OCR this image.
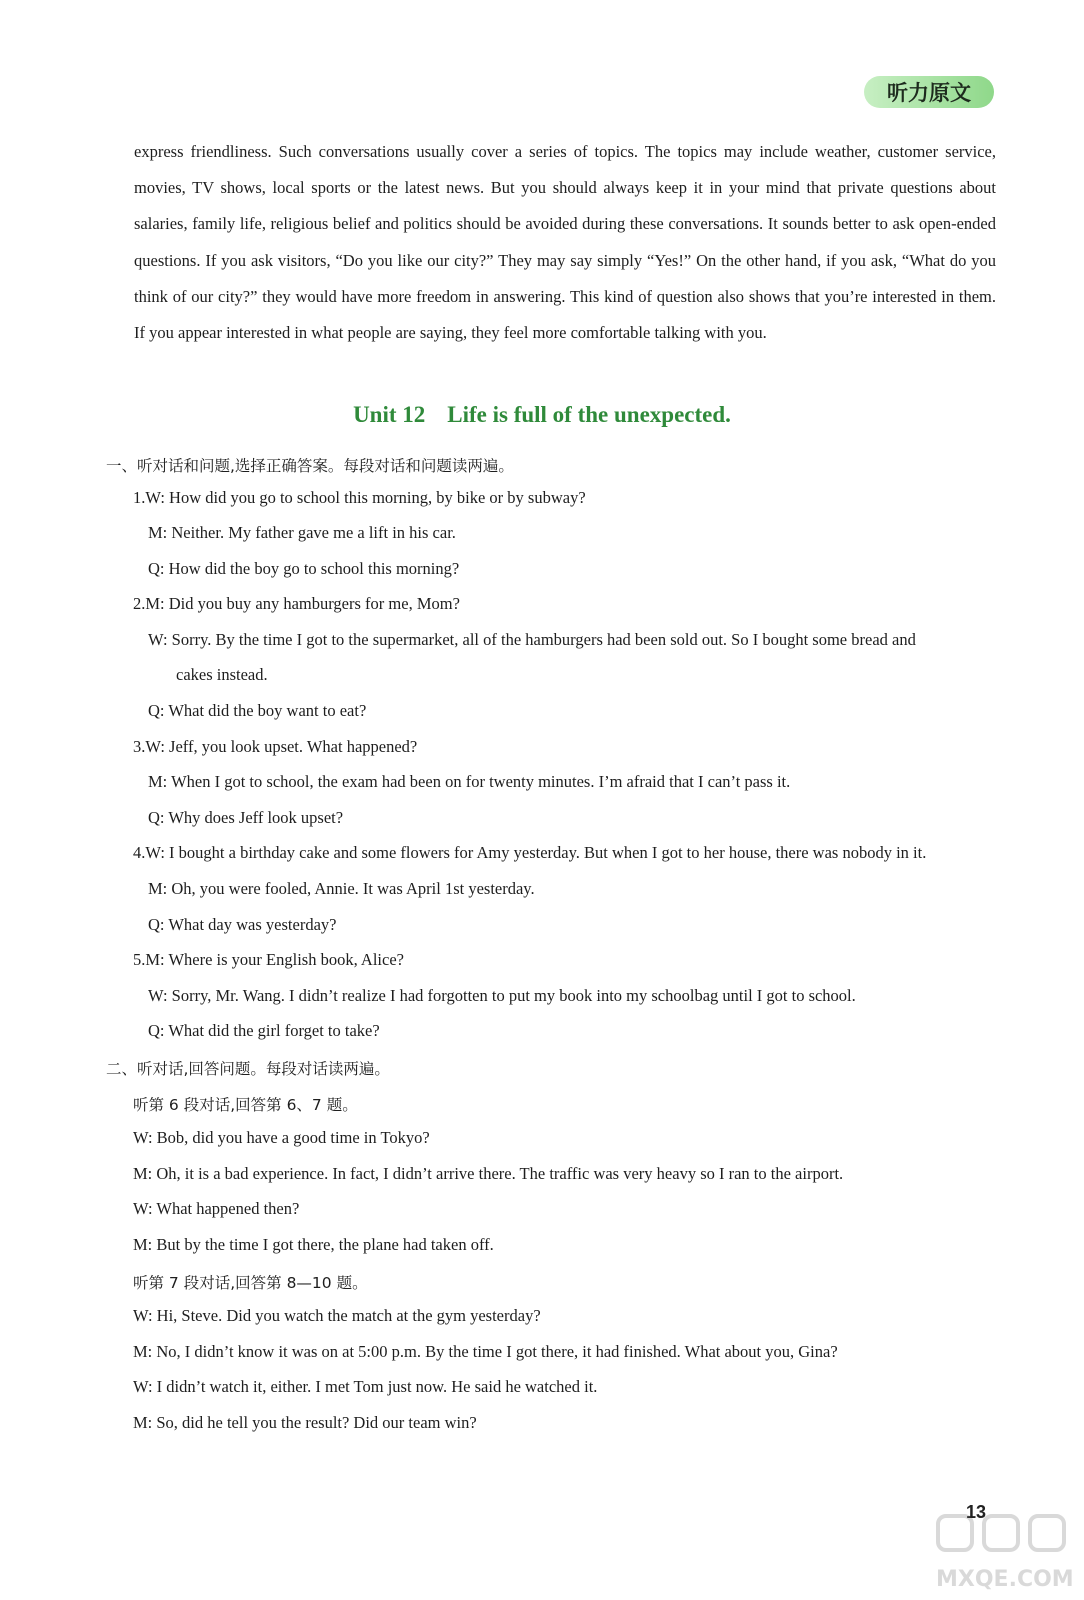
听力原文

express friendliness. Such conversations usually cover a series of topics. The topics may include weather, customer service, movies, TV shows, local sports or the latest news. But you should always keep it in your mind that private questions about salaries, family life, religious belief and politics should be avoided during these conversations. It sounds better to ask open-ended questions. If you ask visitors, “Do you like our city?” They may say simply “Yes!” On the other hand, if you ask, “What do you think of our city?” they would have more freedom in answering. This kind of question also shows that you’re interested in them. If you appear interested in what people are saying, they feel more comfortable talking with you.

Unit 12 Life is full of the unexpected.
一、听对话和问题,选择正确答案。每段对话和问题读两遍。
1.W: How did you go to school this morning, by bike or by subway?
M: Neither. My father gave me a lift in his car.
Q: How did the boy go to school this morning?
2.M: Did you buy any hamburgers for me, Mom?
W: Sorry. By the time I got to the supermarket, all of the hamburgers had been sold out. So I bought some bread and
cakes instead.
Q: What did the boy want to eat?
3.W: Jeff, you look upset. What happened?
M: When I got to school, the exam had been on for twenty minutes. I’m afraid that I can’t pass it.
Q: Why does Jeff look upset?
4.W: I bought a birthday cake and some flowers for Amy yesterday. But when I got to her house, there was nobody in it.
M: Oh, you were fooled, Annie. It was April 1st yesterday.
Q: What day was yesterday?
5.M: Where is your English book, Alice?
W: Sorry, Mr. Wang. I didn’t realize I had forgotten to put my book into my schoolbag until I got to school.
Q: What did the girl forget to take?
二、听对话,回答问题。每段对话读两遍。
听第 6 段对话,回答第 6、7 题。
W: Bob, did you have a good time in Tokyo?
M: Oh, it is a bad experience. In fact, I didn’t arrive there. The traffic was very heavy so I ran to the airport.
W: What happened then?
M: But by the time I got there, the plane had taken off.
听第 7 段对话,回答第 8—10 题。
W: Hi, Steve. Did you watch the match at the gym yesterday?
M: No, I didn’t know it was on at 5:00 p.m. By the time I got there, it had finished. What about you, Gina?
W: I didn’t watch it, either. I met Tom just now. He said he watched it.
M: So, did he tell you the result? Did our team win?
13
MXQE.COM
